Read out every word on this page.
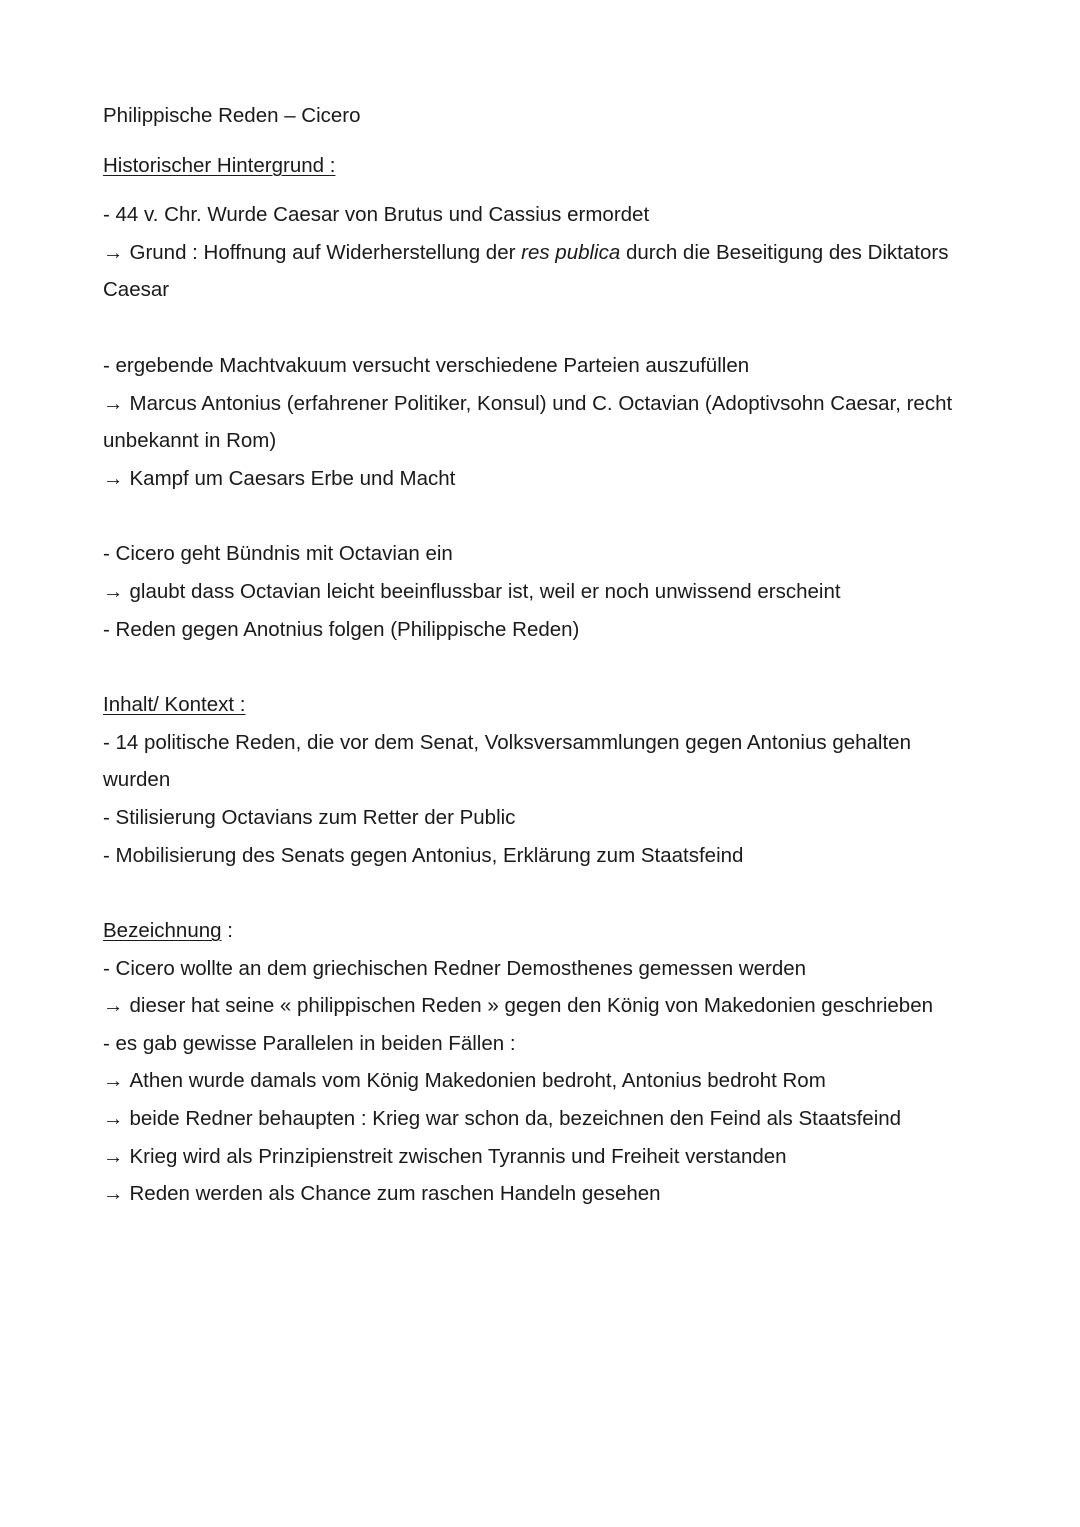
Philippische Reden – Cicero

Historischer Hintergrund :

- 44 v. Chr. Wurde Caesar von Brutus und Cassius ermordet

→ Grund : Hoffnung auf Widerherstellung der res publica durch die Beseitigung des Diktators Caesar

- ergebende Machtvakuum versucht verschiedene Parteien auszufüllen

→ Marcus Antonius (erfahrener Politiker, Konsul) und C. Octavian (Adoptivsohn Caesar, recht unbekannt in Rom)

→ Kampf um Caesars Erbe und Macht

- Cicero geht Bündnis mit Octavian ein

→ glaubt dass Octavian leicht beeinflussbar ist, weil er noch unwissend erscheint

- Reden gegen Anotnius folgen (Philippische Reden)

Inhalt/ Kontext :

- 14 politische Reden, die vor dem Senat, Volksversammlungen gegen Antonius gehalten wurden

- Stilisierung Octavians zum Retter der Public

- Mobilisierung des Senats gegen Antonius, Erklärung zum Staatsfeind

Bezeichnung :

- Cicero wollte an dem griechischen Redner Demosthenes gemessen werden

→ dieser hat seine « philippischen Reden » gegen den König von Makedonien geschrieben

- es gab gewisse Parallelen in beiden Fällen :

→ Athen wurde damals vom König Makedonien bedroht, Antonius bedroht Rom

→ beide Redner behaupten : Krieg war schon da, bezeichnen den Feind als Staatsfeind

→ Krieg wird als Prinzipienstreit zwischen Tyrannis und Freiheit verstanden

→ Reden werden als Chance zum raschen Handeln gesehen
